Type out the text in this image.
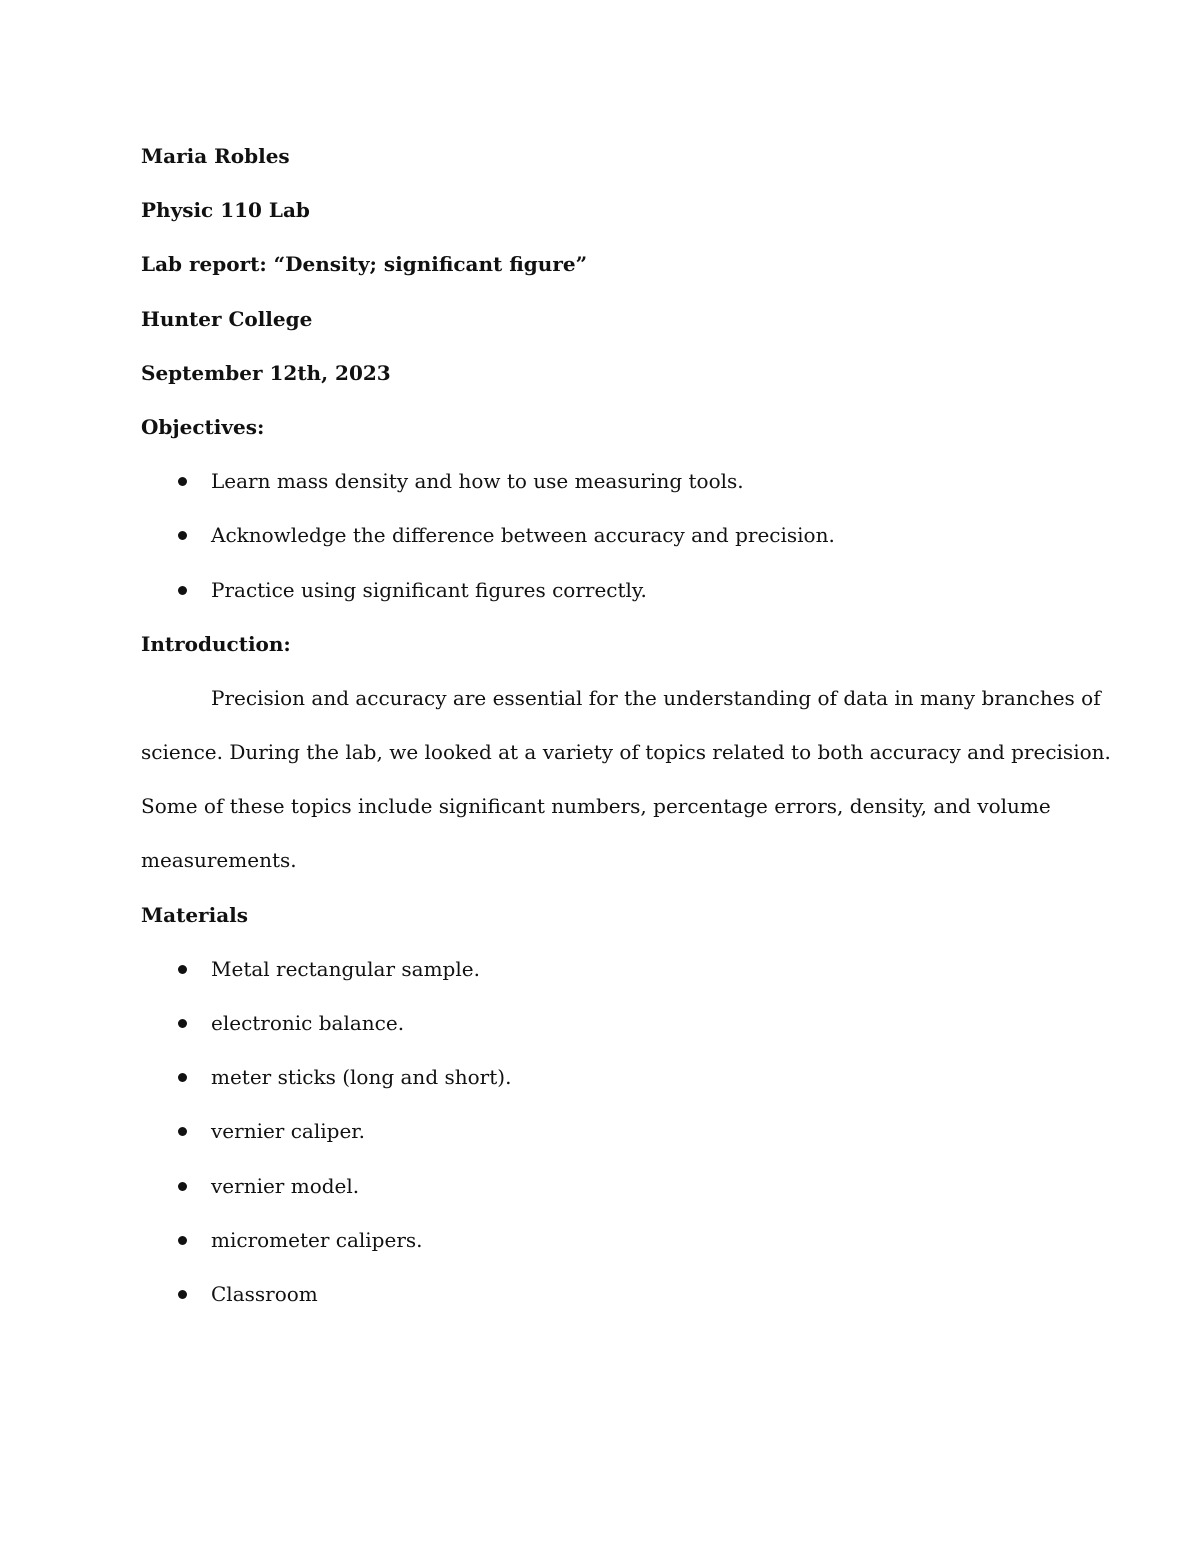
Maria Robles
Physic 110 Lab
Lab report: “Density; significant figure”
Hunter College
September 12th, 2023
Objectives:
Learn mass density and how to use measuring tools.
Acknowledge the difference between accuracy and precision.
Practice using significant figures correctly.
Introduction:
Precision and accuracy are essential for the understanding of data in many branches of
science. During the lab, we looked at a variety of topics related to both accuracy and precision.
Some of these topics include significant numbers, percentage errors, density, and volume
measurements.
Materials
Metal rectangular sample.
electronic balance.
meter sticks (long and short).
vernier caliper.
vernier model.
micrometer calipers.
Classroom
